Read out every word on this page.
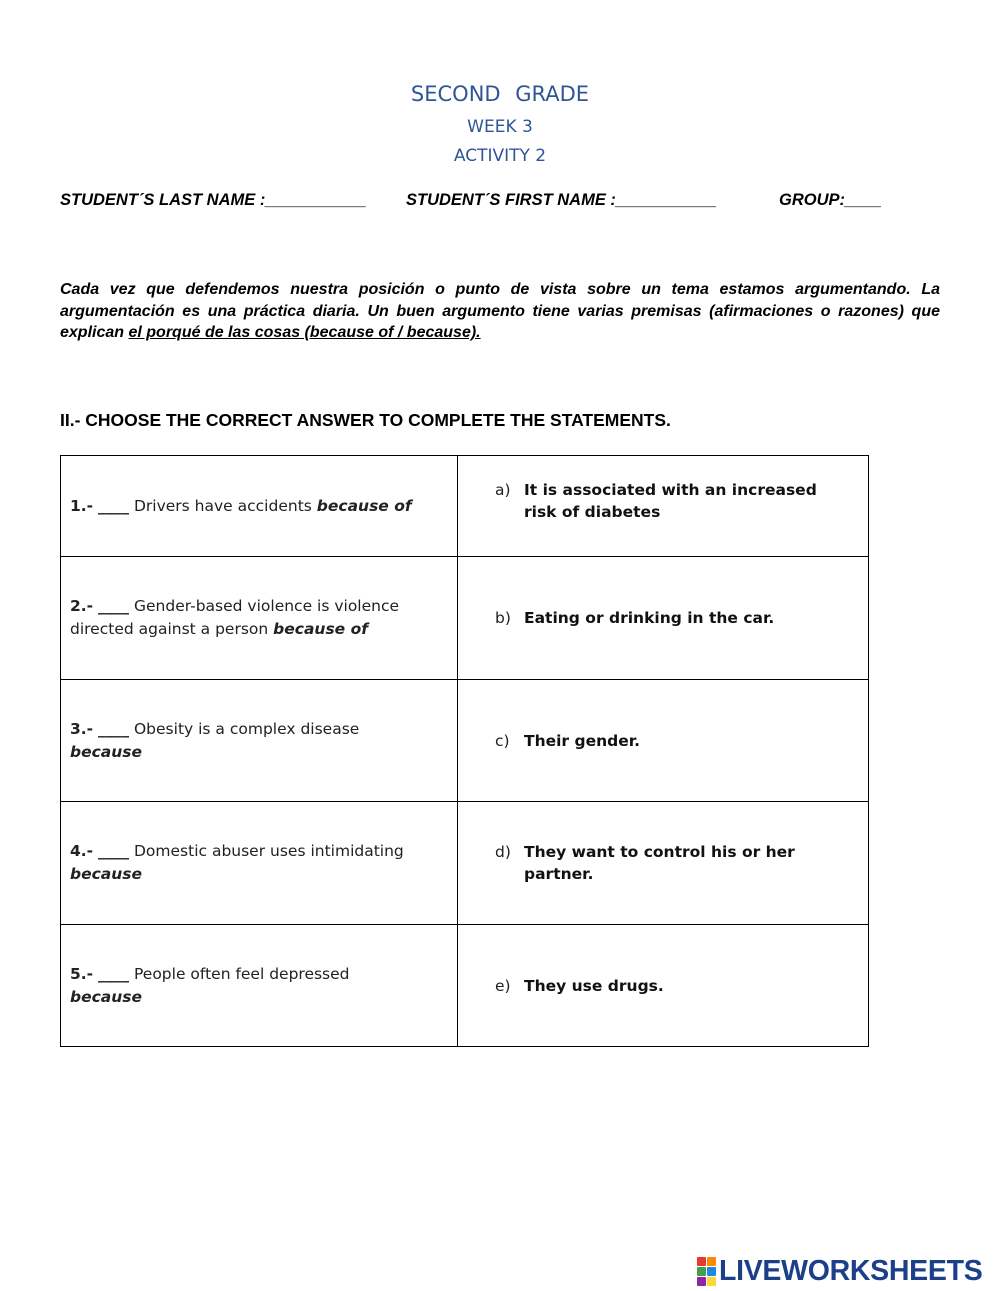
SECOND GRADE
WEEK 3
ACTIVITY 2

STUDENT´S LAST NAME :___________

STUDENT´S FIRST NAME :___________

	GROUP:____

Cada vez que defendemos nuestra posición o punto de vista sobre un tema estamos argumentando. La argumentación es una práctica diaria. Un buen argumento tiene varias premisas (afirmaciones o razones) que explican el porqué de las cosas (because of / because).
II.- CHOOSE THE CORRECT ANSWER TO COMPLETE THE STATEMENTS.
1.- ____ Drivers have accidents because of	a) It is associated with an increased risk of diabetes

2.- ____ Gender-based violence is violence directed against a person because of	b) Eating or drinking in the car.

3.- ____ Obesity is a complex disease
because	c) Their gender.

4.- ____ Domestic abuser uses intimidating
because	d) They want to control his or her partner.

5.- ____ People often feel depressed
because	e) They use drugs.
LIVEWORKSHEETS
